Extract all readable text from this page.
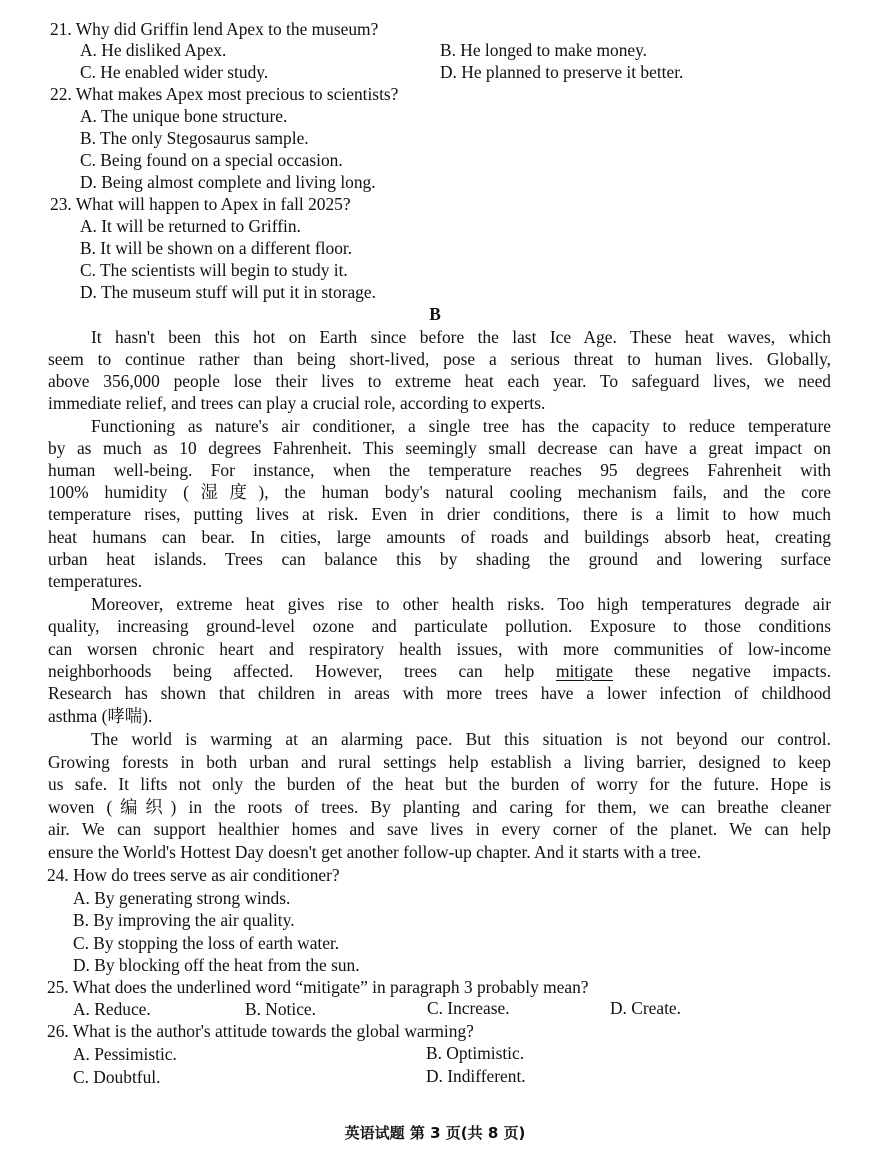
21. Why did Griffin lend Apex to the museum?
A. He disliked Apex.	B. He longed to make money.
C. He enabled wider study.	D. He planned to preserve it better.
22. What makes Apex most precious to scientists?
A. The unique bone structure.
B. The only Stegosaurus sample.
C. Being found on a special occasion.
D. Being almost complete and living long.
23. What will happen to Apex in fall 2025?
A. It will be returned to Griffin.
B. It will be shown on a different floor.
C. The scientists will begin to study it.
D. The museum stuff will put it in storage.
B
It hasn't been this hot on Earth since before the last Ice Age. These heat waves, which
seem to continue rather than being short-lived, pose a serious threat to human lives. Globally,
above 356,000 people lose their lives to extreme heat each year. To safeguard lives, we need
immediate relief, and trees can play a crucial role, according to experts.
Functioning as nature's air conditioner, a single tree has the capacity to reduce temperature
by as much as 10 degrees Fahrenheit. This seemingly small decrease can have a great impact on
human well-being. For instance, when the temperature reaches 95 degrees Fahrenheit with
100% humidity (湿度), the human body's natural cooling mechanism fails, and the core
temperature rises, putting lives at risk. Even in drier conditions, there is a limit to how much
heat humans can bear. In cities, large amounts of roads and buildings absorb heat, creating
urban heat islands. Trees can balance this by shading the ground and lowering surface
temperatures.
Moreover, extreme heat gives rise to other health risks. Too high temperatures degrade air
quality, increasing ground-level ozone and particulate pollution. Exposure to those conditions
can worsen chronic heart and respiratory health issues, with more communities of low-income
neighborhoods being affected. However, trees can help mitigate these negative impacts.
Research has shown that children in areas with more trees have a lower infection of childhood
asthma (哮喘).
The world is warming at an alarming pace. But this situation is not beyond our control.
Growing forests in both urban and rural settings help establish a living barrier, designed to keep
us safe. It lifts not only the burden of the heat but the burden of worry for the future. Hope is
woven (编织) in the roots of trees. By planting and caring for them, we can breathe cleaner
air. We can support healthier homes and save lives in every corner of the planet. We can help
ensure the World's Hottest Day doesn't get another follow-up chapter. And it starts with a tree.
24. How do trees serve as air conditioner?
A. By generating strong winds.
B. By improving the air quality.
C. By stopping the loss of earth water.
D. By blocking off the heat from the sun.
25. What does the underlined word “mitigate” in paragraph 3 probably mean?
A. Reduce.	B. Notice.	C. Increase.	D. Create.
26. What is the author's attitude towards the global warming?
A. Pessimistic.	B. Optimistic.
C. Doubtful.	D. Indifferent.
英语试题 第 3 页(共 8 页)
